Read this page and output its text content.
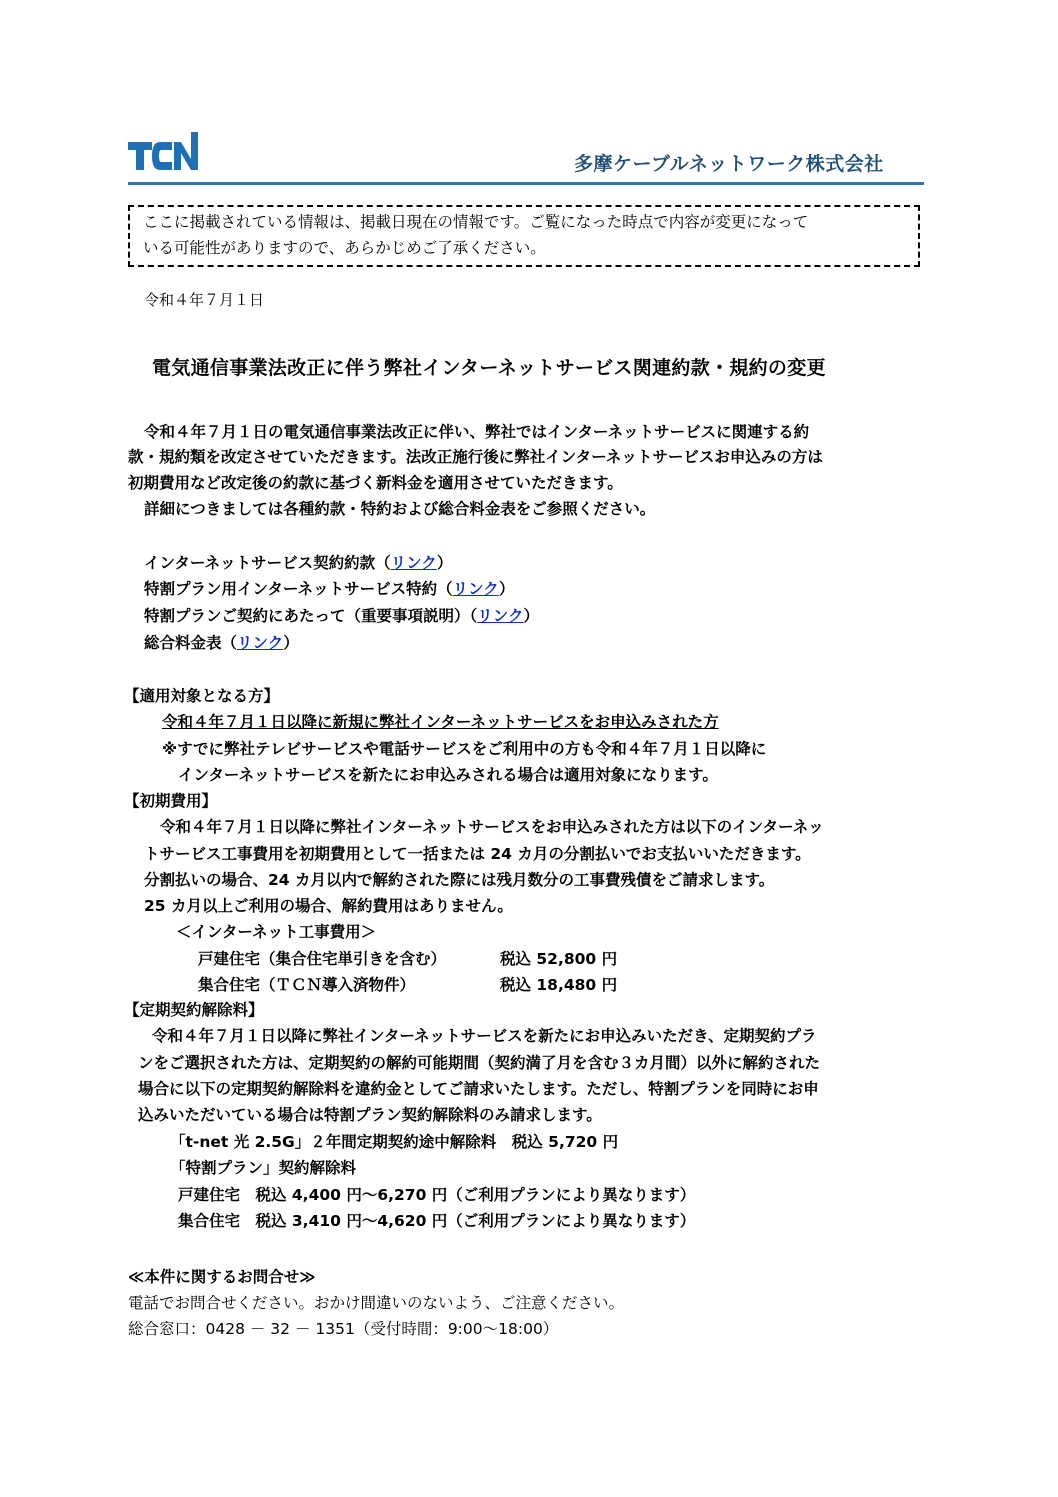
多摩ケーブルネットワーク株式会社
ここに掲載されている情報は、掲載日現在の情報です。ご覧になった時点で内容が変更になって
いる可能性がありますので、あらかじめご了承ください。
令和４年７月１日
電気通信事業法改正に伴う弊社インターネットサービス関連約款・規約の変更
令和４年７月１日の電気通信事業法改正に伴い、弊社ではインターネットサービスに関連する約
款・規約類を改定させていただきます。法改正施行後に弊社インターネットサービスお申込みの方は
初期費用など改定後の約款に基づく新料金を適用させていただきます。
詳細につきましては各種約款・特約および総合料金表をご参照ください。
インターネットサービス契約約款（リンク）
特割プラン用インターネットサービス特約（リンク）
特割プランご契約にあたって（重要事項説明）（リンク）
総合料金表（リンク）
【適用対象となる方】
令和４年７月１日以降に新規に弊社インターネットサービスをお申込みされた方
※すでに弊社テレビサービスや電話サービスをご利用中の方も令和４年７月１日以降に
インターネットサービスを新たにお申込みされる場合は適用対象になります。
【初期費用】
令和４年７月１日以降に弊社インターネットサービスをお申込みされた方は以下のインターネッ
トサービス工事費用を初期費用として一括または 24 カ月の分割払いでお支払いいただきます。
分割払いの場合、24 カ月以内で解約された際には残月数分の工事費残債をご請求します。
25 カ月以上ご利用の場合、解約費用はありません。
＜インターネット工事費用＞
戸建住宅（集合住宅単引きを含む）	税込 52,800 円
集合住宅（ＴＣＮ導入済物件）	税込 18,480 円
【定期契約解除料】
令和４年７月１日以降に弊社インターネットサービスを新たにお申込みいただき、定期契約プラ
ンをご選択された方は、定期契約の解約可能期間（契約満了月を含む３カ月間）以外に解約された
場合に以下の定期契約解除料を違約金としてご請求いたします。ただし、特割プランを同時にお申
込みいただいている場合は特割プラン契約解除料のみ請求します。
「t-net 光 2.5G」２年間定期契約途中解除料　税込 5,720 円
「特割プラン」契約解除料
戸建住宅　税込 4,400 円～6,270 円（ご利用プランにより異なります）
集合住宅　税込 3,410 円～4,620 円（ご利用プランにより異なります）
≪本件に関するお問合せ≫
電話でお問合せください。おかけ間違いのないよう、ご注意ください。
総合窓口：0428 － 32 － 1351（受付時間：9:00～18:00）
